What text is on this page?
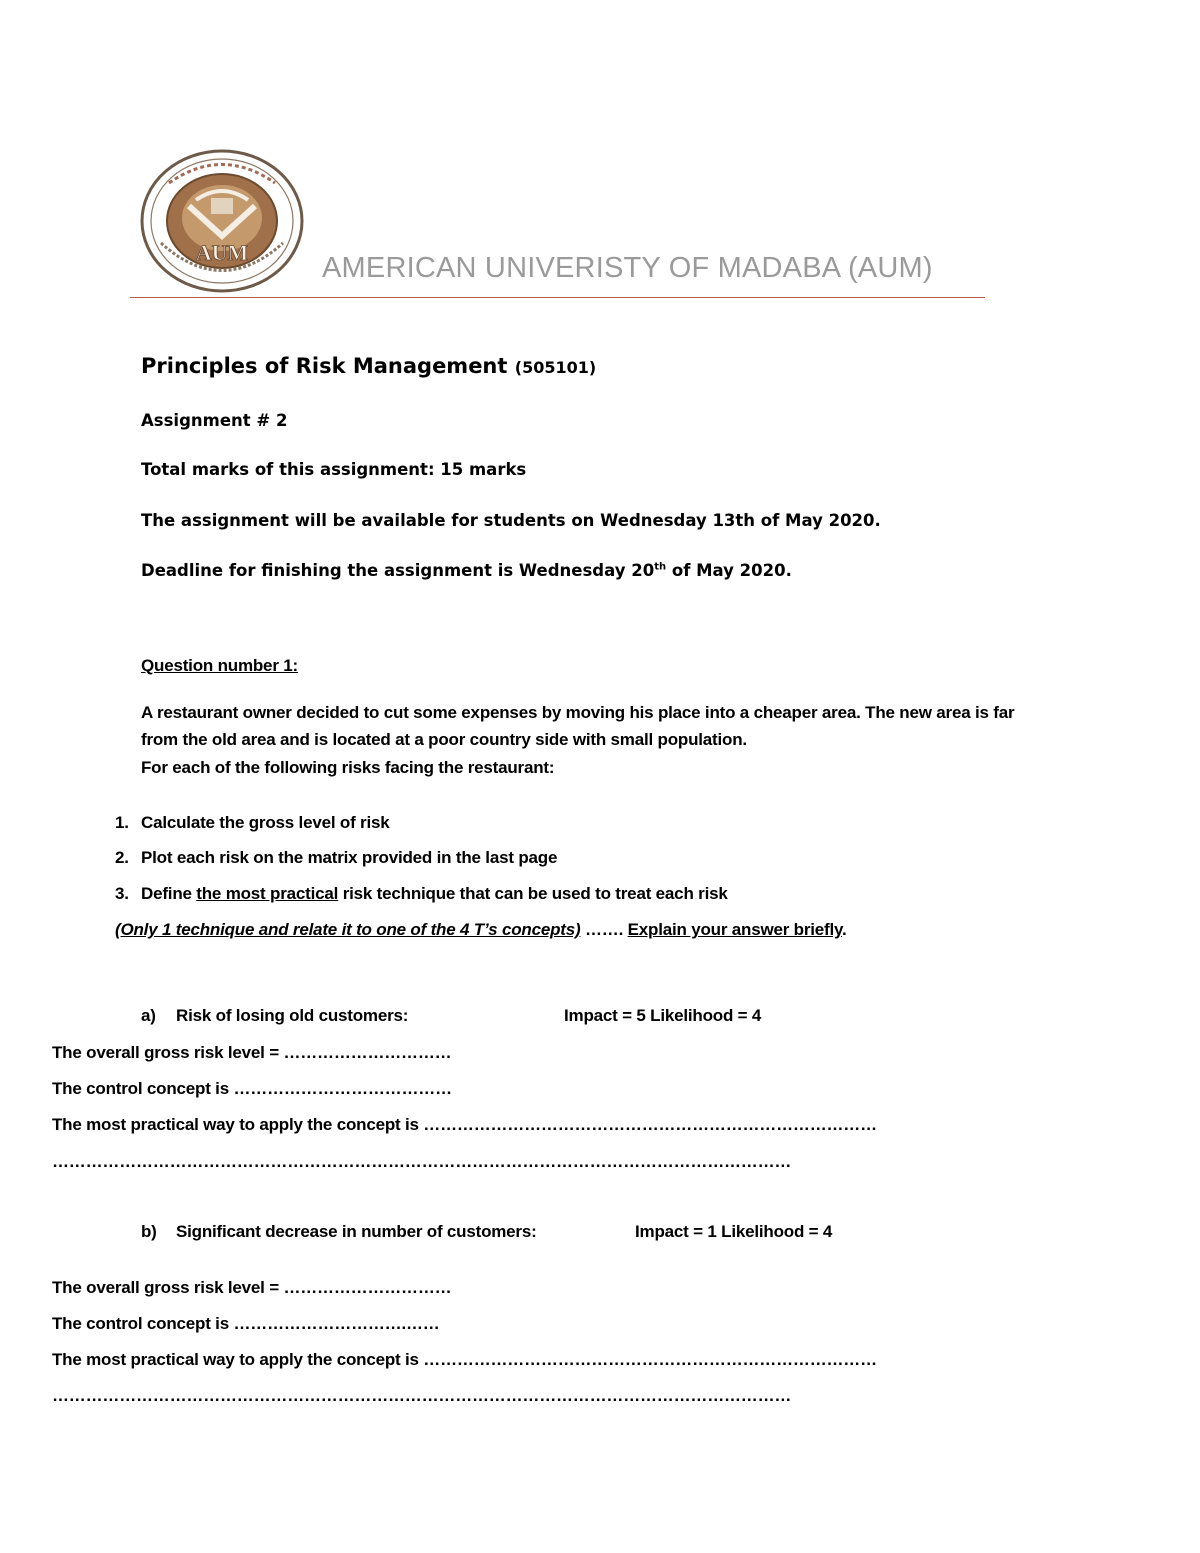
AUM	AMERICAN UNIVERISTY OF MADABA (AUM)
Principles of Risk Management (505101)
Assignment # 2
Total marks of this assignment: 15 marks
The assignment will be available for students on Wednesday 13th of May 2020.
Deadline for finishing the assignment is Wednesday 20th of May 2020.
Question number 1:
A restaurant owner decided to cut some expenses by moving his place into a cheaper area. The new area is far
from the old area and is located at a poor country side with small population.
For each of the following risks facing the restaurant:
1. Calculate the gross level of risk
2. Plot each risk on the matrix provided in the last page
3. Define the most practical risk technique that can be used to treat each risk
(Only 1 technique and relate it to one of the 4 T’s concepts) ……. Explain your answer briefly.
a) Risk of losing old customers:	Impact = 5 Likelihood = 4
The overall gross risk level = …………………………
The control concept is …………………………………
The most practical way to apply the concept is ………………………………………………………………………
……………………………………………………………………………………………………………………
b) Significant decrease in number of customers:	Impact = 1 Likelihood = 4
The overall gross risk level = …………………………
The control concept is ………………………….……
The most practical way to apply the concept is ………………………………………………………………………
……………………………………………………………………………………………………………………
